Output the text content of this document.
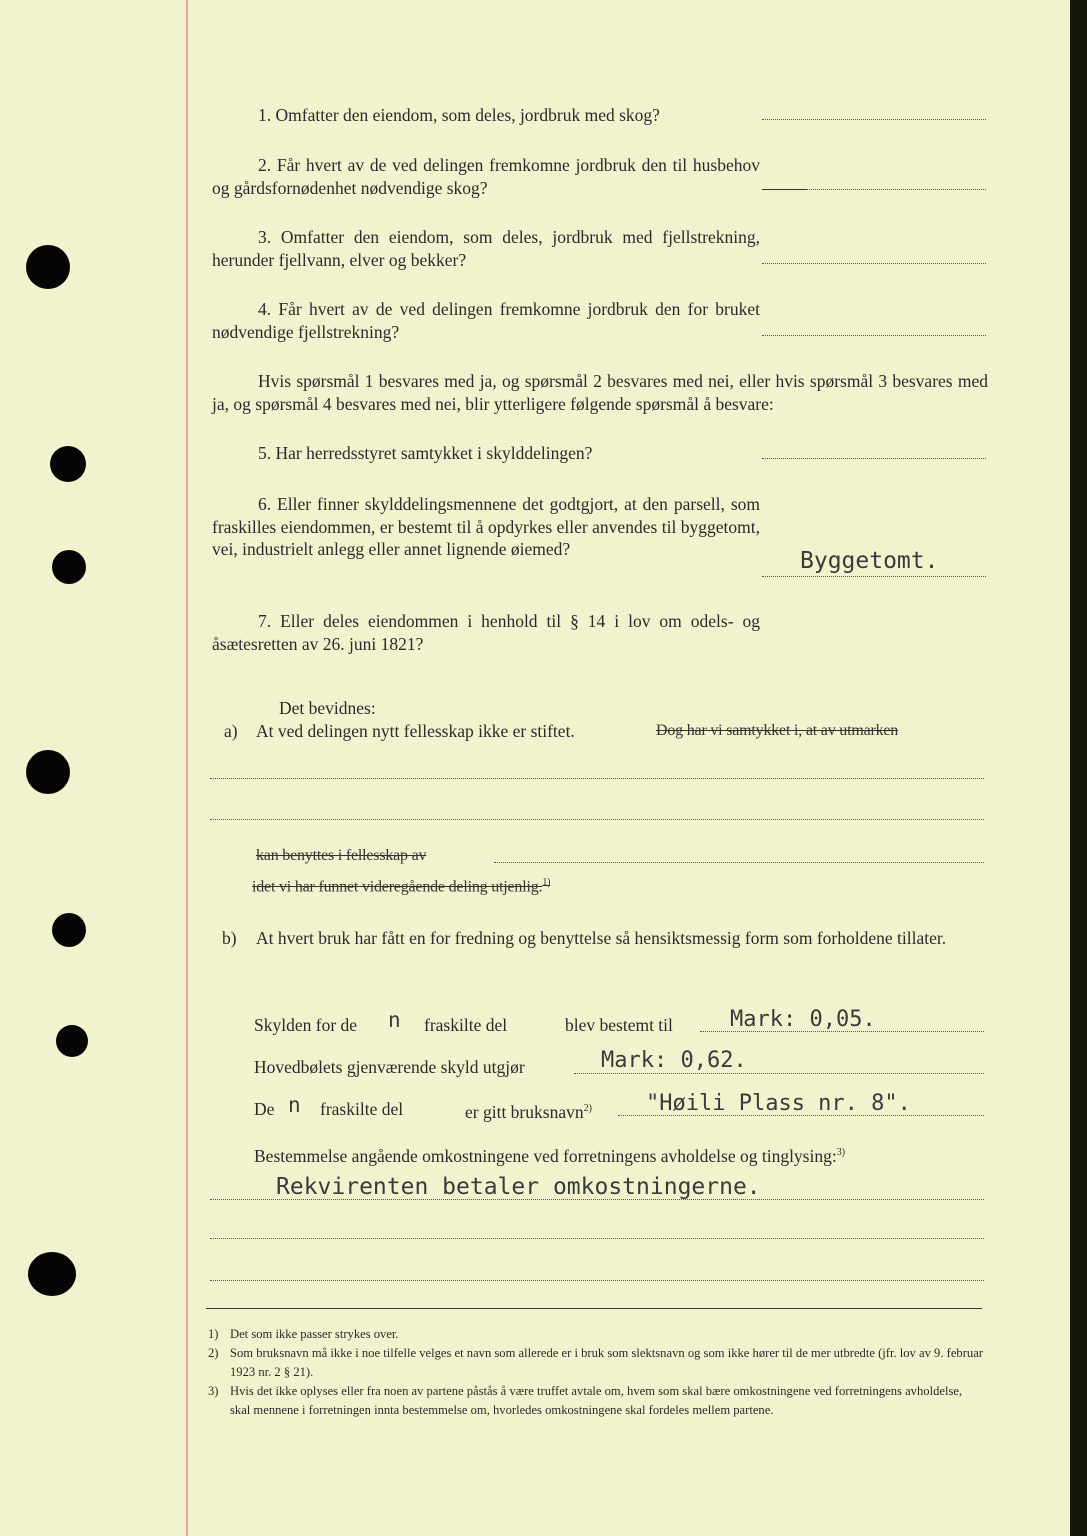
1. Omfatter den eiendom, som deles, jordbruk med skog?

2. Får hvert av de ved delingen fremkomne jordbruk den til husbehov og gårdsfornødenhet nødvendige skog?

3. Omfatter den eiendom, som deles, jordbruk med fjellstrekning, herunder fjellvann, elver og bekker?

4. Får hvert av de ved delingen fremkomne jordbruk den for bruket nødvendige fjellstrekning?

Hvis spørsmål 1 besvares med ja, og spørsmål 2 besvares med nei, eller hvis spørsmål 3 besvares med ja, og spørsmål 4 besvares med nei, blir ytterligere følgende spørsmål å besvare:

5. Har herredsstyret samtykket i skylddelingen?

6. Eller finner skylddelingsmennene det godtgjort, at den parsell, som fraskilles eiendommen, er bestemt til å opdyrkes eller anvendes til byggetomt, vei, industrielt anlegg eller annet lignende øiemed?	Byggetomt.

7. Eller deles eiendommen i henhold til § 14 i lov om odels- og åsætesretten av 26. juni 1821?

Det bevidnes:
a) At ved delingen nytt fellesskap ikke er stiftet.	Dog har vi samtykket i, at av utmarken
kan benyttes i fellesskap av
idet vi har funnet videregående deling utjenlig.$^{1)}$
b) At hvert bruk har fått en for fredning og benyttelse så hensiktsmessig form som forholdene tillater.

Skylden for de n fraskilte del	blev bestemt til	Mark: 0,05.
Hovedbølets gjenværende skyld utgjør	Mark: 0,62.
De n fraskilte del	er gitt bruksnavn$^{2)}$ "Høili Plass nr. 8".
Bestemmelse angående omkostningene ved forretningens avholdelse og tinglysing:$^{3)}$
Rekvirenten betaler omkostningerne.
1) Det som ikke passer strykes over.
2) Som bruksnavn må ikke i noe tilfelle velges et navn som allerede er i bruk som slektsnavn og som ikke hører til de mer utbredte (jfr. lov av 9. februar 1923 nr. 2 § 21).
3) Hvis det ikke oplyses eller fra noen av partene påstås å være truffet avtale om, hvem som skal bære omkostningene ved forretningens avholdelse, skal mennene i forretningen innta bestemmelse om, hvorledes omkostningene skal fordeles mellem partene.
